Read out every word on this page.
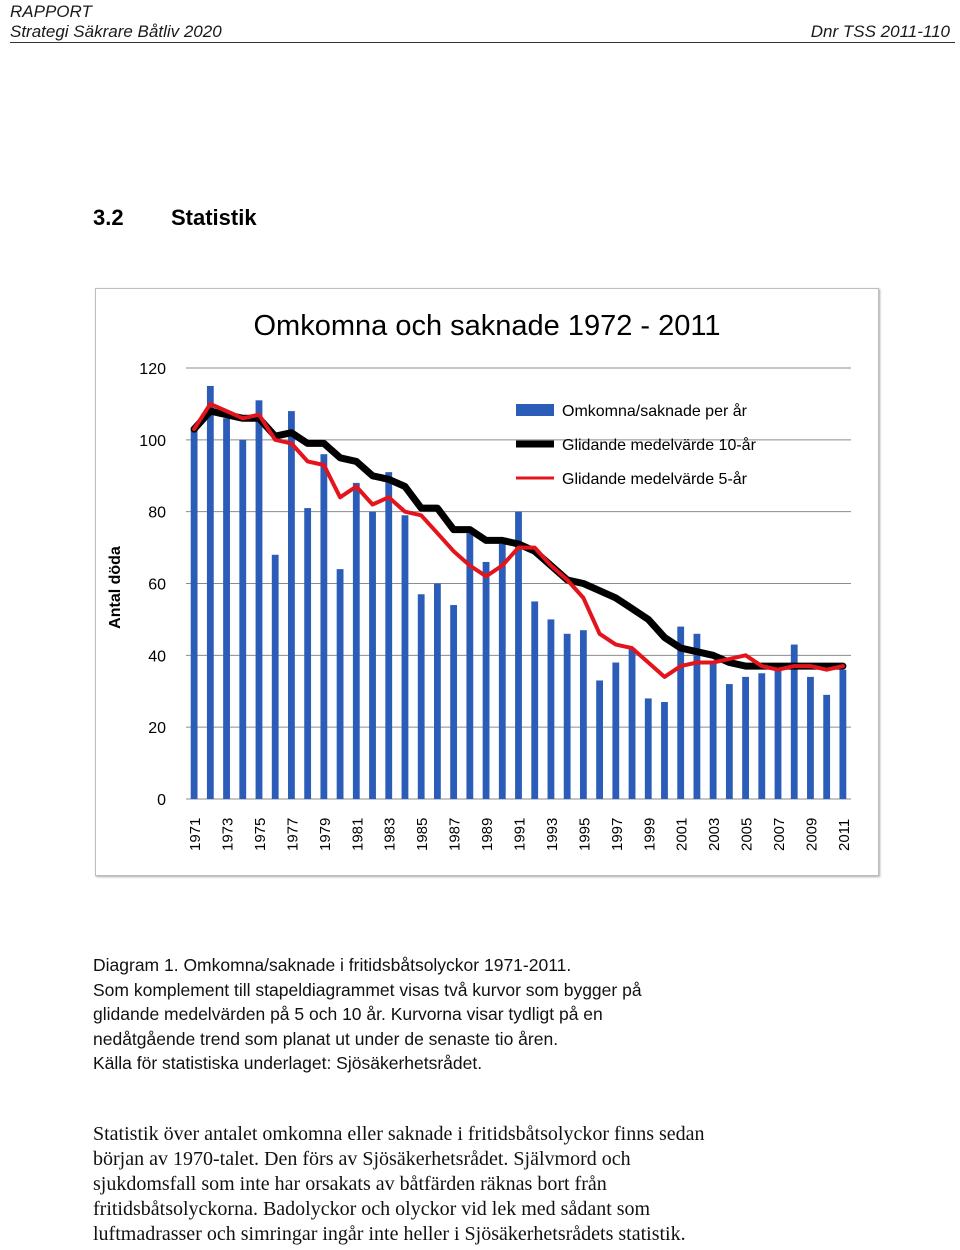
RAPPORT
Strategi Säkrare Båtliv 2020	Dnr TSS 2011-110
3.2 Statistik
Omkomna och saknade 1972 - 2011
0
20
40
60
80
100
120
Antal döda
1971 1973 1975 1977 1979 1981 1983 1985 1987 1989 1991 1993 1995 1997 1999 2001 2003 2005 2007 2009 2011
Omkomna/saknade per år
Glidande medelvärde 10-år
Glidande medelvärde 5-år
Diagram 1. Omkomna/saknade i fritidsbåtsolyckor 1971-2011.
Som komplement till stapeldiagrammet visas två kurvor som bygger på
glidande medelvärden på 5 och 10 år. Kurvorna visar tydligt på en
nedåtgående trend som planat ut under de senaste tio åren.
Källa för statistiska underlaget: Sjösäkerhetsrådet.
Statistik över antalet omkomna eller saknade i fritidsbåtsolyckor finns sedan
början av 1970-talet. Den förs av Sjösäkerhetsrådet. Självmord och
sjukdomsfall som inte har orsakats av båtfärden räknas bort från
fritidsbåtsolyckorna. Badolyckor och olyckor vid lek med sådant som
luftmadrasser och simringar ingår inte heller i Sjösäkerhetsrådets statistik.
